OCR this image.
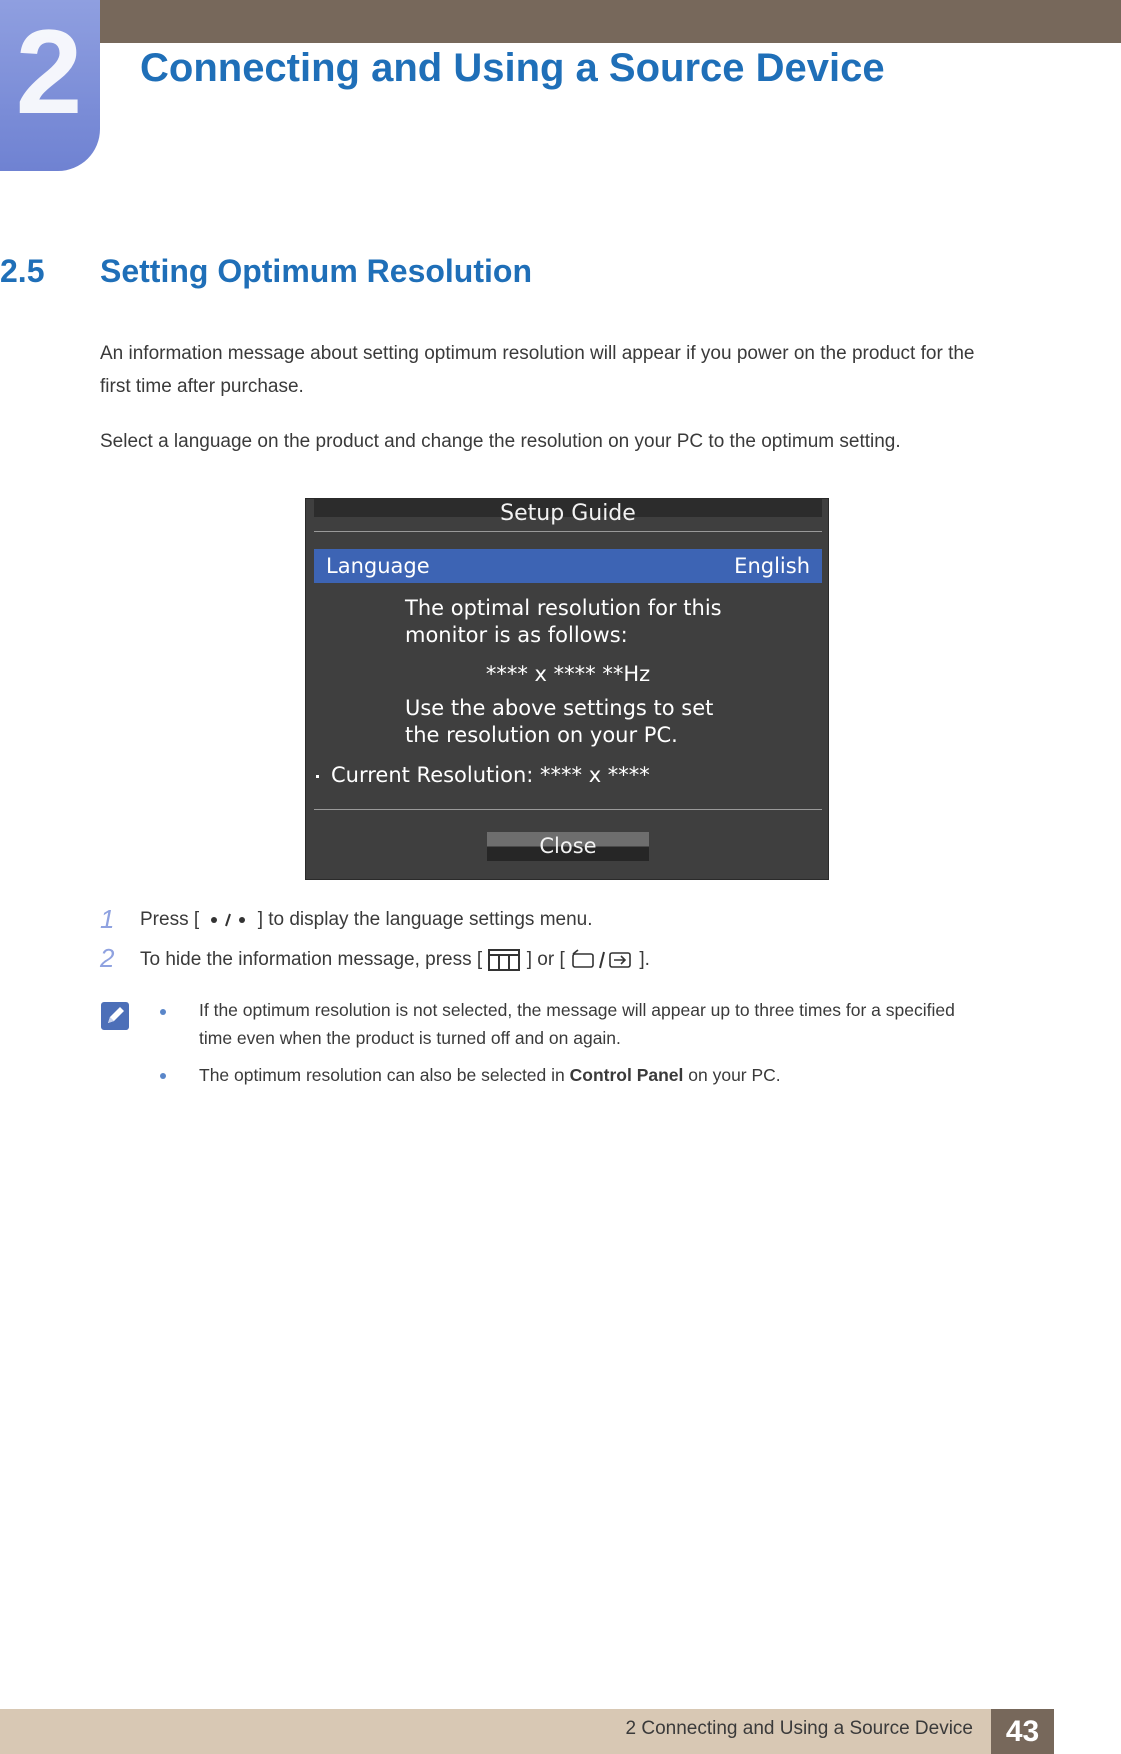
2 Connecting and Using a Source Device
2.5 Setting Optimum Resolution
An information message about setting optimum resolution will appear if you power on the product for the
first time after purchase.
Select a language on the product and change the resolution on your PC to the optimum setting.
Setup Guide
Language	English
The optimal resolution for this
monitor is as follows:
**** x **** **Hz
Use the above settings to set
the resolution on your PC.
Current Resolution: **** x ****
Close
1 Press [	] to display the language settings menu.
2 To hide the information message, press [ ] or [	].
If the optimum resolution is not selected, the message will appear up to three times for a specified
time even when the product is turned off and on again.
The optimum resolution can also be selected in Control Panel on your PC.
2 Connecting and Using a Source Device	43
